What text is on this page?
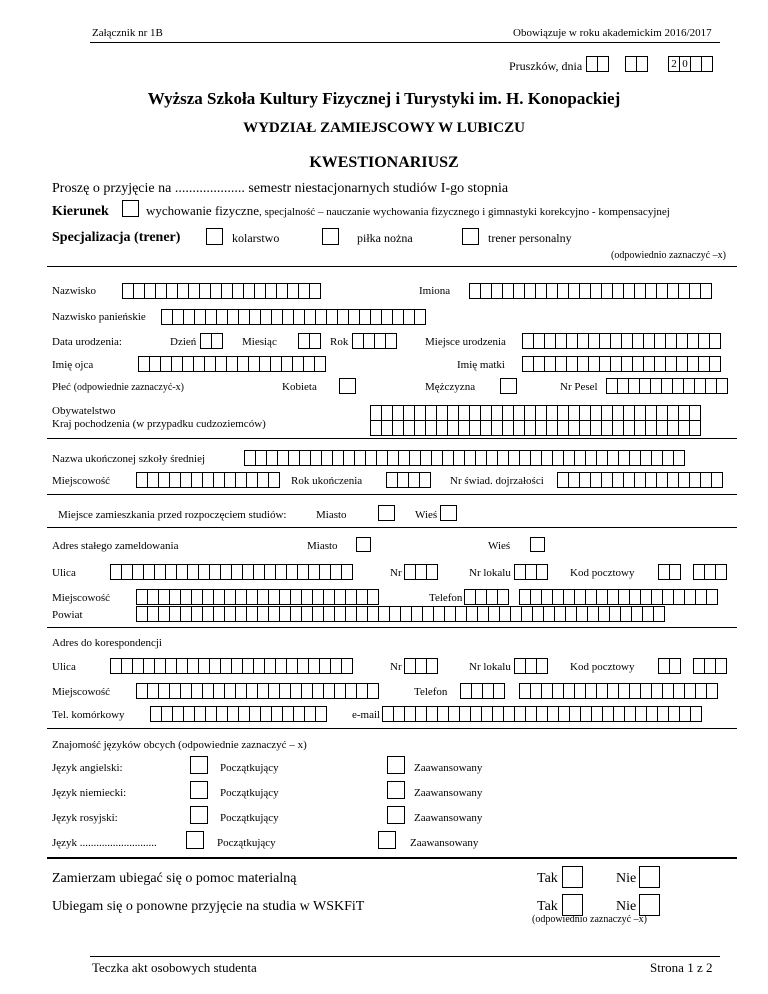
Załącznik nr 1B	Obowiązuje w roku akademickim 2016/2017
Pruszków, dnia	2 0
Wyższa Szkoła Kultury Fizycznej i Turystyki im. H. Konopackiej
WYDZIAŁ ZAMIEJSCOWY W LUBICZU
KWESTIONARIUSZ
Proszę o przyjęcie na .................... semestr niestacjonarnych studiów I-go stopnia
Kierunek	wychowanie fizyczne, specjalność – nauczanie wychowania fizycznego i gimnastyki korekcyjno - kompensacyjnej
Specjalizacja (trener)	kolarstwo	piłka nożna	trener personalny
(odpowiednio zaznaczyć –x)
Nazwisko	Imiona
Nazwisko panieńskie
Data urodzenia:	Dzień	Miesiąc	Rok	Miejsce urodzenia
Imię ojca	Imię matki
Płeć (odpowiednie zaznaczyć-x)	Kobieta	Mężczyzna	Nr Pesel
Obywatelstwo
Kraj pochodzenia (w przypadku cudzoziemców)
Nazwa ukończonej szkoły średniej
Miejscowość	Rok ukończenia	Nr świad. dojrzałości
Miejsce zamieszkania przed rozpoczęciem studiów:	Miasto	Wieś
Adres stałego zameldowania	Miasto	Wieś
Ulica	Nr	Nr lokalu	Kod pocztowy
Miejscowość	Telefon
Powiat
Adres do korespondencji
Ulica	Nr	Nr lokalu	Kod pocztowy
Miejscowość	Telefon
Tel. komórkowy	e-mail
Znajomość języków obcych (odpowiednie zaznaczyć – x)
Język angielski:	Początkujący	Zaawansowany
Język niemiecki:	Początkujący	Zaawansowany
Język rosyjski:	Początkujący	Zaawansowany
Język ............................	Początkujący	Zaawansowany
Zamierzam ubiegać się o pomoc materialną	Tak	Nie
Ubiegam się o ponowne przyjęcie na studia w WSKFiT	Tak	Nie
(odpowiednio zaznaczyć –x)
Teczka akt osobowych studenta	Strona 1 z 2
